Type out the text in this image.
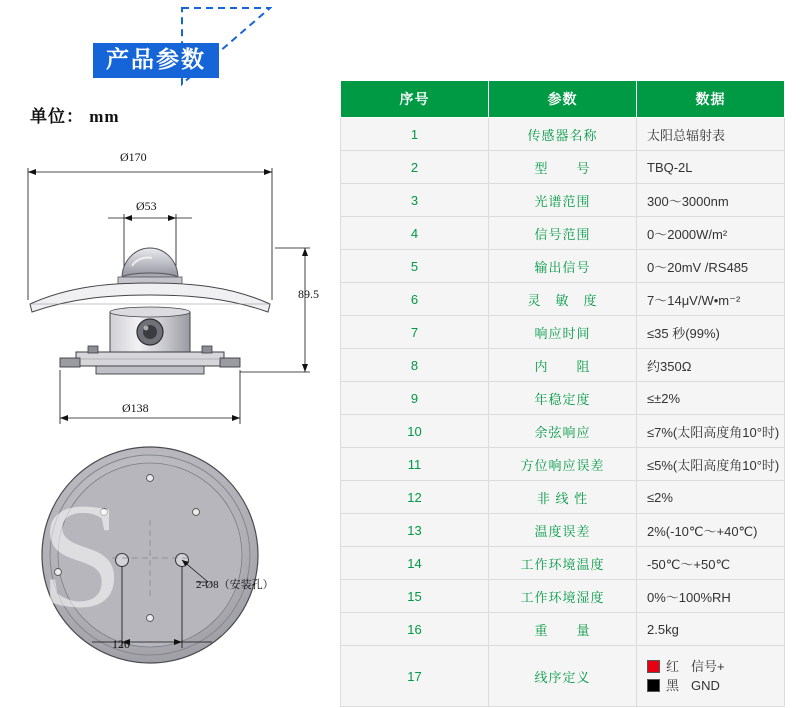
产品参数
单位： mm
Ø170
Ø53
Ø138
89.5
120
2-Ø8（安装孔）
S
序号	参数	数据
1	传感器名称	太阳总辐射表
2	型　　号	TBQ-2L
3	光谱范围	300～3000nm
4	信号范围	0～2000W/m²
5	输出信号	0～20mV /RS485
6	灵　敏　度	7～14μV/W•m⁻²
7	响应时间	≤35 秒(99%)
8	内　　阻	约350Ω
9	年稳定度	≤±2%
10	余弦响应	≤7%(太阳高度角10°时)
11	方位响应误差	≤5%(太阳高度角10°时)
12	非 线 性	≤2%
13	温度误差	2%(-10℃～+40℃)
14	工作环境温度	-50℃～+50℃
15	工作环境湿度	0%～100%RH
16	重　　量	2.5kg
17	线序定义	红 信号+
黑 GND
